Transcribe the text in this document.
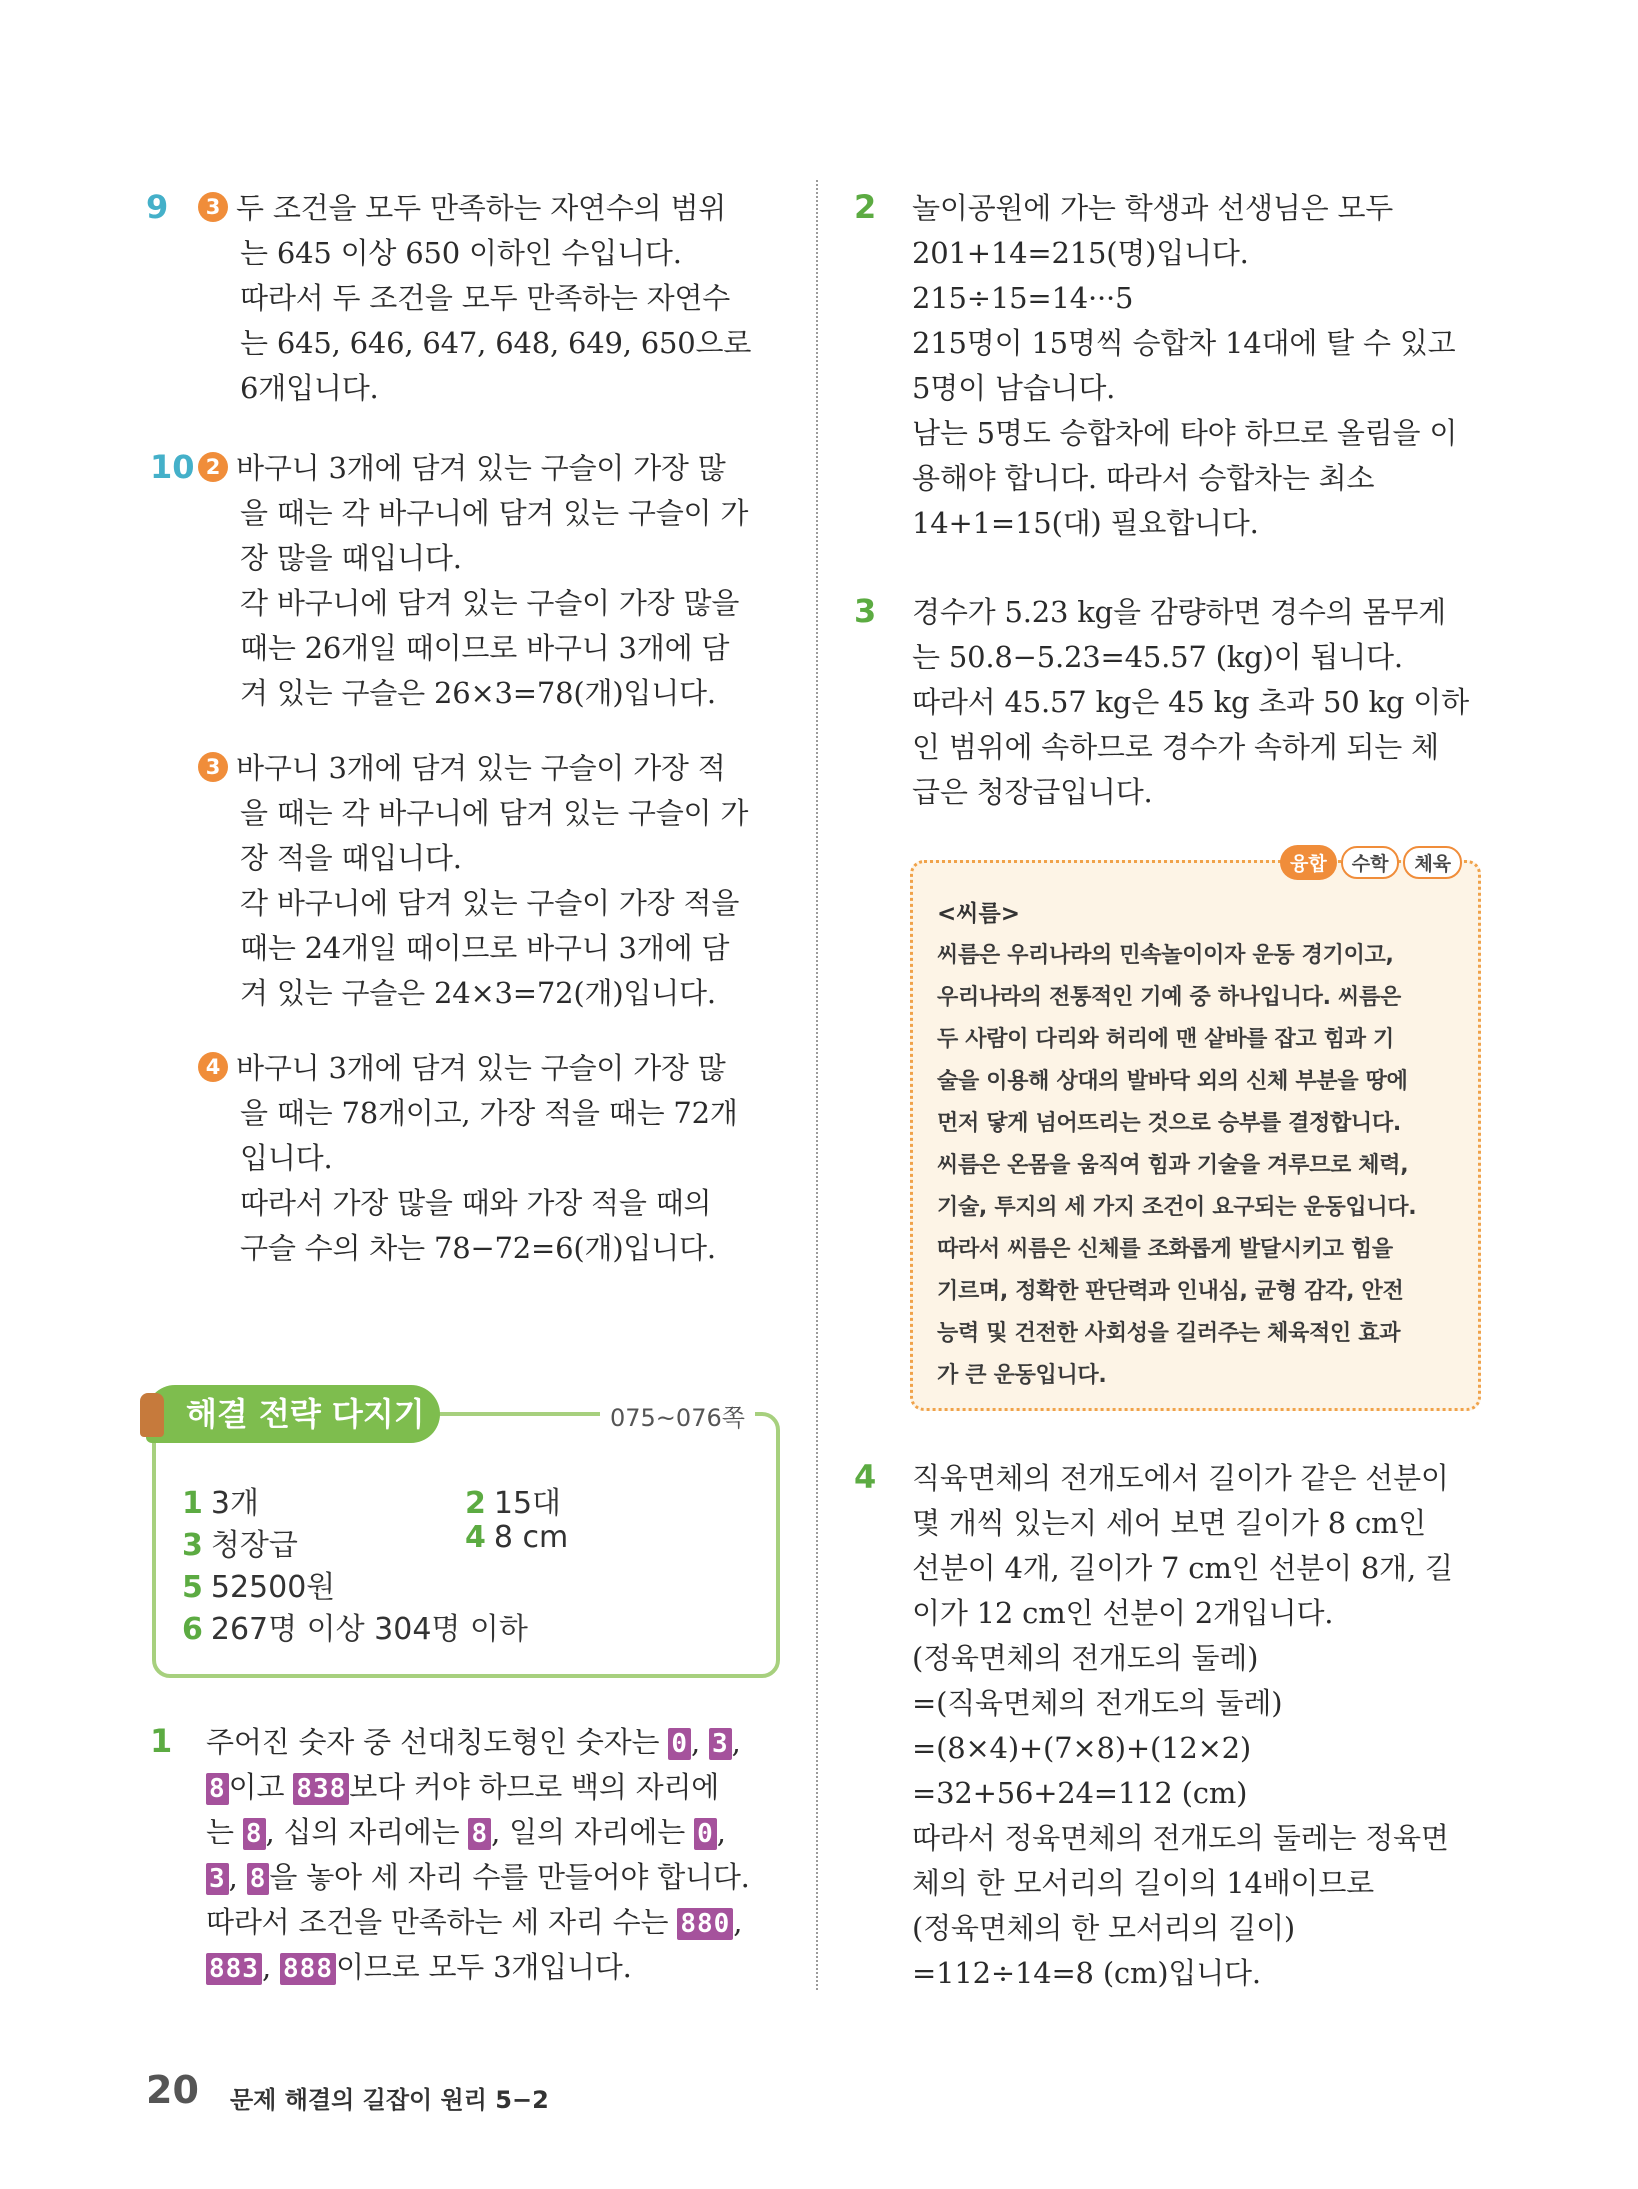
9	3 두 조건을 모두 만족하는 자연수의 범위
는 645 이상 650 이하인 수입니다.
따라서 두 조건을 모두 만족하는 자연수
는 645, 646, 647, 648, 649, 650으로
6개입니다.
10 2 바구니 3개에 담겨 있는 구슬이 가장 많
을 때는 각 바구니에 담겨 있는 구슬이 가
장 많을 때입니다.
각 바구니에 담겨 있는 구슬이 가장 많을
때는 26개일 때이므로 바구니 3개에 담
겨 있는 구슬은 26×3=78(개)입니다.
3 바구니 3개에 담겨 있는 구슬이 가장 적
을 때는 각 바구니에 담겨 있는 구슬이 가
장 적을 때입니다.
각 바구니에 담겨 있는 구슬이 가장 적을
때는 24개일 때이므로 바구니 3개에 담
겨 있는 구슬은 24×3=72(개)입니다.
4 바구니 3개에 담겨 있는 구슬이 가장 많
을 때는 78개이고, 가장 적을 때는 72개
입니다.
따라서 가장 많을 때와 가장 적을 때의
구슬 수의 차는 78−72=6(개)입니다.
해결 전략 다지기	075~076쪽
1 3개	2 15대
3 청장급	4 8 cm
5 52500원
6 267명 이상 304명 이하
1 주어진 숫자 중 선대칭도형인 숫자는 0 , 3 ,
8 이고 838 보다 커야 하므로 백의 자리에
는 8 , 십의 자리에는 8 , 일의 자리에는 0 ,
3 , 8 을 놓아 세 자리 수를 만들어야 합니다.
따라서 조건을 만족하는 세 자리 수는 880 ,
883 , 888 이므로 모두 3개입니다.
2 놀이공원에 가는 학생과 선생님은 모두
201+14=215(명)입니다.
215÷15=14···5
215명이 15명씩 승합차 14대에 탈 수 있고
5명이 남습니다.
남는 5명도 승합차에 타야 하므로 올림을 이
용해야 합니다. 따라서 승합차는 최소
14+1=15(대) 필요합니다.
3 경수가 5.23 kg을 감량하면 경수의 몸무게
는 50.8−5.23=45.57 (kg)이 됩니다.
따라서 45.57 kg은 45 kg 초과 50 kg 이하
인 범위에 속하므로 경수가 속하게 되는 체
급은 청장급입니다.
<씨름>
씨름은 우리나라의 민속놀이이자 운동 경기이고,
우리나라의 전통적인 기예 중 하나입니다. 씨름은
두 사람이 다리와 허리에 맨 샅바를 잡고 힘과 기
술을 이용해 상대의 발바닥 외의 신체 부분을 땅에
먼저 닿게 넘어뜨리는 것으로 승부를 결정합니다.
씨름은 온몸을 움직여 힘과 기술을 겨루므로 체력,
기술, 투지의 세 가지 조건이 요구되는 운동입니다.
따라서 씨름은 신체를 조화롭게 발달시키고 힘을
기르며, 정확한 판단력과 인내심, 균형 감각, 안전
능력 및 건전한 사회성을 길러주는 체육적인 효과
가 큰 운동입니다.
융합 수학 체육
4 직육면체의 전개도에서 길이가 같은 선분이
몇 개씩 있는지 세어 보면 길이가 8 cm인
선분이 4개, 길이가 7 cm인 선분이 8개, 길
이가 12 cm인 선분이 2개입니다.
(정육면체의 전개도의 둘레)
=(직육면체의 전개도의 둘레)
=(8×4)+(7×8)+(12×2)
=32+56+24=112 (cm)
따라서 정육면체의 전개도의 둘레는 정육면
체의 한 모서리의 길이의 14배이므로
(정육면체의 한 모서리의 길이)
=112÷14=8 (cm)입니다.
20 문제 해결의 길잡이 원리 5−2
